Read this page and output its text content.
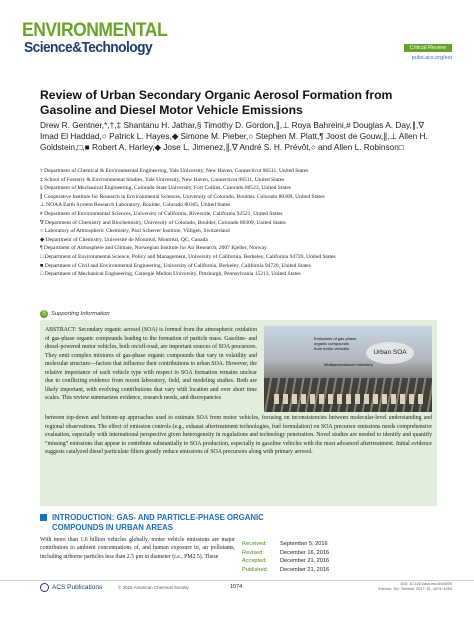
ENVIRONMENTAL
Science&Technology	Critical Review
pubs.acs.org/est
Review of Urban Secondary Organic Aerosol Formation from Gasoline and Diesel Motor Vehicle Emissions
Drew R. Gentner,*,†,‡ Shantanu H. Jathar,§ Timothy D. Gordon,∥,⊥ Roya Bahreini,# Douglas A. Day,∥,∇ Imad El Haddad,○ Patrick L. Hayes,◆ Simone M. Pieber,○ Stephen M. Platt,¶ Joost de Gouw,∥,⊥ Allen H. Goldstein,□,■ Robert A. Harley,◆ Jose L. Jimenez,∥,∇ André S. H. Prévôt,○ and Allen L. Robinson□
† Department of Chemical & Environmental Engineering, Yale University, New Haven, Connecticut 06511, United States
‡ School of Forestry & Environmental Studies, Yale University, New Haven, Connecticut 06511, United States
§ Department of Mechanical Engineering, Colorado State University, Fort Collins, Colorado 80523, United States
∥ Cooperative Institute for Research in Environmental Sciences, University of Colorado, Boulder, Colorado 80309, United States
⊥ NOAA Earth System Research Laboratory, Boulder, Colorado 80305, United States
# Department of Environmental Sciences, University of California, Riverside, California 92521, United States
∇ Department of Chemistry and Biochemistry, University of Colorado, Boulder, Colorado 80309, United States
○ Laboratory of Atmospheric Chemistry, Paul Scherrer Institute, Villigen, Switzerland
◆ Department of Chemistry, Université de Montréal, Montréal, QC, Canada
¶ Department of Atmosphere and Climate, Norwegian Institute for Air Research, 2007 Kjeller, Norway
□ Department of Environmental Science, Policy and Management, University of California, Berkeley, California 94720, United States
■ Department of Civil and Environmental Engineering, University of California, Berkeley, California 94720, United States
□ Department of Mechanical Engineering, Carnegie Mellon University, Pittsburgh, Pennsylvania 15213, United States
S Supporting Information
ABSTRACT: Secondary organic aerosol (SOA) is formed from the atmospheric oxidation of gas-phase organic compounds leading to the formation of particle mass. Gasoline- and diesel-powered motor vehicles, both on/off-road, are important sources of SOA precursors. They emit complex mixtures of gas-phase organic compounds that vary in volatility and molecular structure—factors that influence their contributions to urban SOA. However, the relative importance of each vehicle type with respect to SOA formation remains unclear due to conflicting evidence from recent laboratory, field, and modeling studies. Both are likely important, with evolving contributions that vary with location and over short time scales. This review summarizes evidence, research needs, and discrepancies
Emissions of gas-phase
organic compounds
from motor vehicles
Multigenerational chemistry
Urban SOA
between top-down and bottom-up approaches used to estimate SOA from motor vehicles, focusing on inconsistencies between molecular-level understanding and regional observations. The effect of emission controls (e.g., exhaust aftertreatment technologies, fuel formulation) on SOA precursor emissions needs comprehensive evaluation, especially with international perspective given heterogeneity in regulations and technology penetration. Novel studies are needed to identify and quantify “missing” emissions that appear to contribute substantially to SOA production, especially in gasoline vehicles with the most advanced aftertreatment. Initial evidence suggests catalyzed diesel particulate filters greatly reduce emissions of SOA precursors along with primary aerosol.
INTRODUCTION: GAS- AND PARTICLE-PHASE ORGANIC COMPOUNDS IN URBAN AREAS
With more than 1.6 billion vehicles globally, motor vehicle emissions are major contributors to ambient concentrations of, and human exposure to, air pollutants, including airborne particles less than 2.5 μm in diameter (i.e., PM2.5). These
Received:	September 5, 2016
Revised:	December 16, 2016
Accepted:	December 21, 2016
Published:	December 21, 2016
ACS Publications	© 2016 American Chemical Society	1074	DOI: 10.1021/acs.est.6b04509
Environ. Sci. Technol. 2017, 51, 1074−1093
